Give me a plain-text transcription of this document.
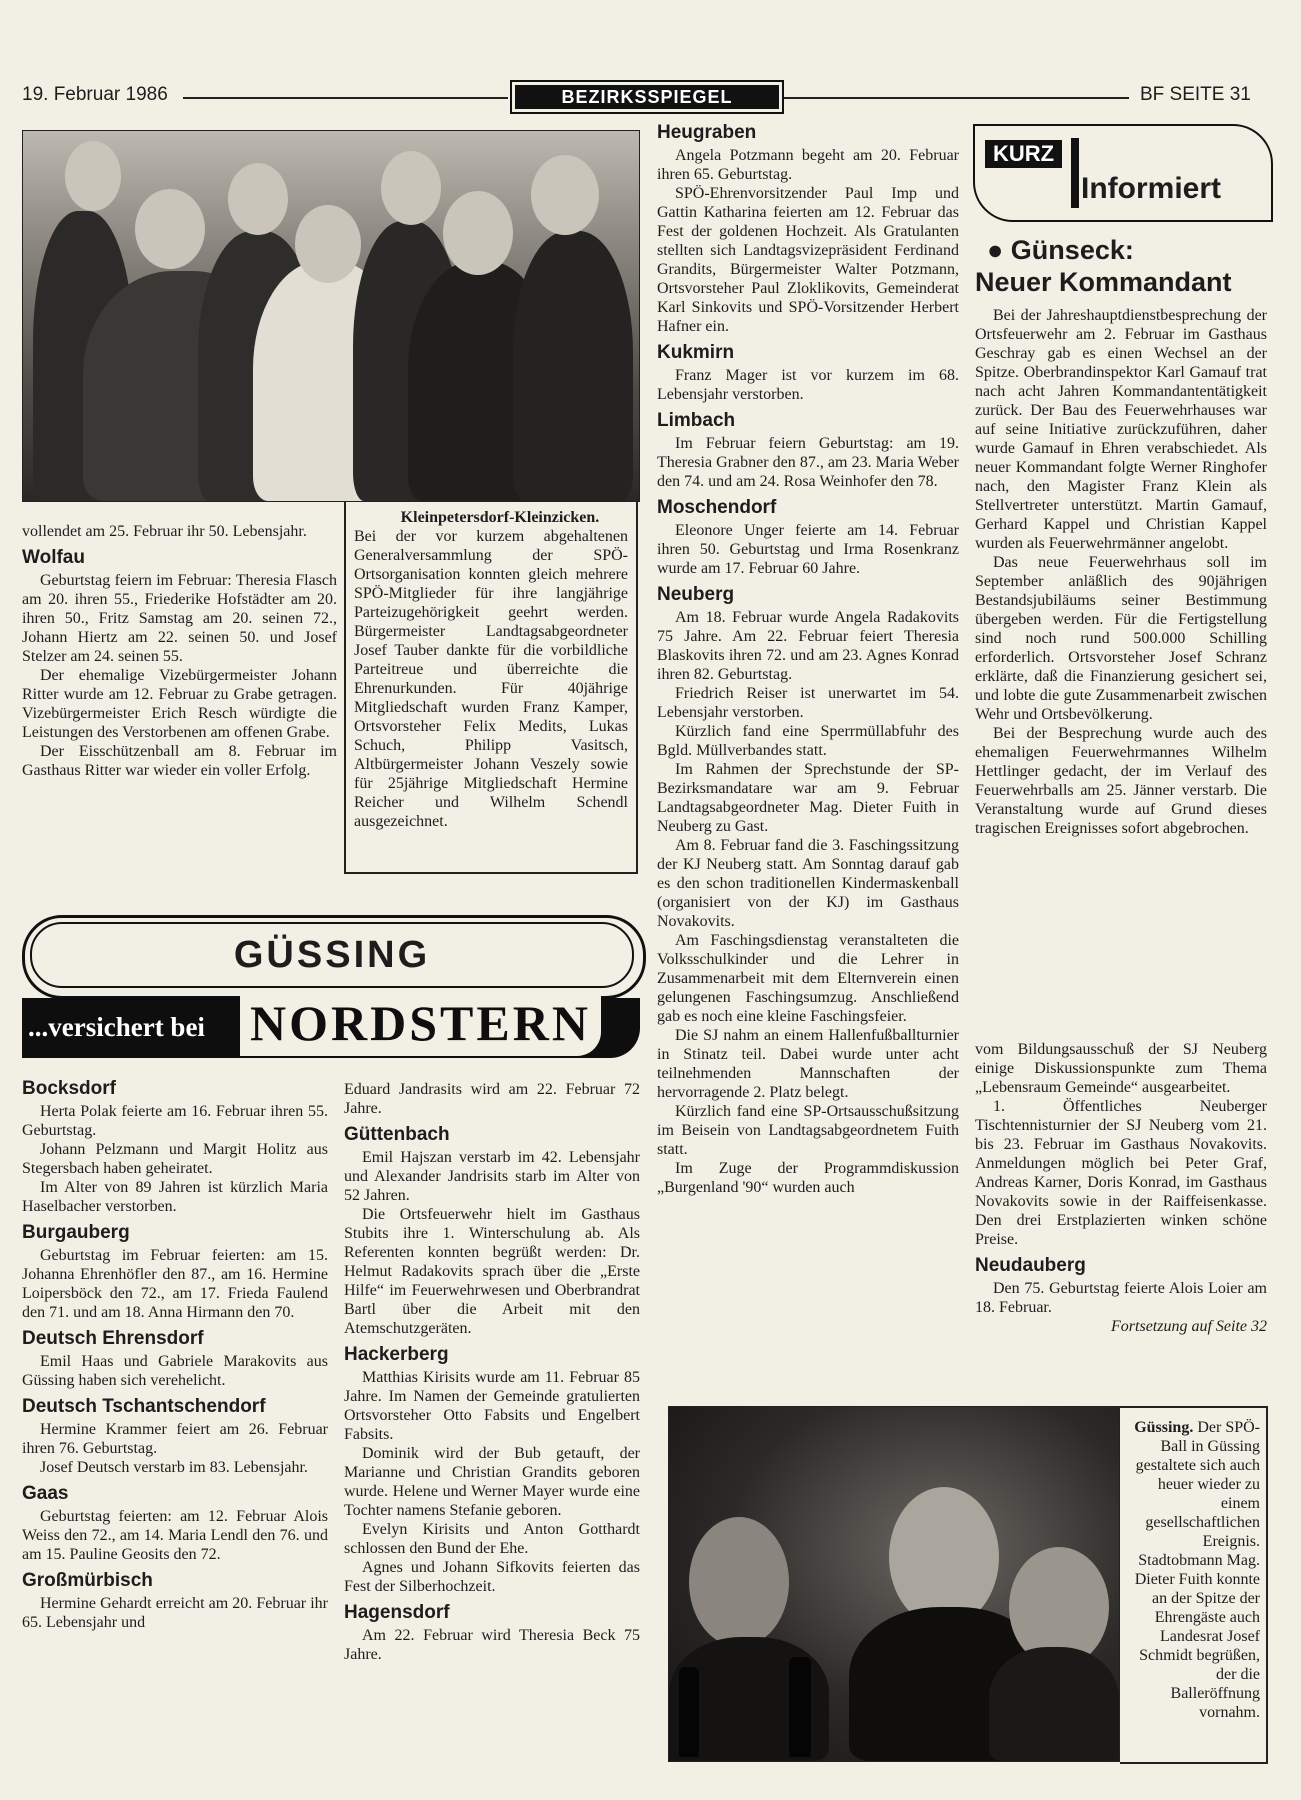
19. Februar 1986	BEZIRKSSPIEGEL	BF SEITE 31

vollendet am 25. Februar ihr 50. Lebensjahr.

Wolfau

Geburtstag feiern im Februar: Theresia Flasch am 20. ihren 55., Friederike Hofstädter am 20. ihren 50., Fritz Samstag am 20. seinen 72., Johann Hiertz am 22. seinen 50. und Josef Stelzer am 24. seinen 55.

Der ehemalige Vizebürgermeister Johann Ritter wurde am 12. Februar zu Grabe getragen. Vizebürgermeister Erich Resch würdigte die Leistungen des Verstorbenen am offenen Grabe.

Der Eisschützenball am 8. Februar im Gasthaus Ritter war wieder ein voller Erfolg.

Kleinpetersdorf-Kleinzicken.

Bei der vor kurzem abgehaltenen Generalversammlung der SPÖ-Ortsorganisation konnten gleich mehrere SPÖ-Mitglieder für ihre langjährige Parteizugehörigkeit geehrt werden. Bürgermeister Landtagsabgeordneter Josef Tauber dankte für die vorbildliche Parteitreue und überreichte die Ehrenurkunden. Für 40jährige Mitgliedschaft wurden Franz Kamper, Ortsvorsteher Felix Medits, Lukas Schuch, Philipp Vasitsch, Altbürgermeister Johann Veszely sowie für 25jährige Mitgliedschaft Hermine Reicher und Wilhelm Schendl ausgezeichnet.

GÜSSING
...versichert bei NORDSTERN
Heugraben

Angela Potzmann begeht am 20. Februar ihren 65. Geburtstag.

SPÖ-Ehrenvorsitzender Paul Imp und Gattin Katharina feierten am 12. Februar das Fest der goldenen Hochzeit. Als Gratulanten stellten sich Landtagsvizepräsident Ferdinand Grandits, Bürgermeister Walter Potzmann, Ortsvorsteher Paul Zloklikovits, Gemeinderat Karl Sinkovits und SPÖ-Vorsitzender Herbert Hafner ein.

Kukmirn

Franz Mager ist vor kurzem im 68. Lebensjahr verstorben.

Limbach

Im Februar feiern Geburtstag: am 19. Theresia Grabner den 87., am 23. Maria Weber den 74. und am 24. Rosa Weinhofer den 78.

Moschendorf

Eleonore Unger feierte am 14. Februar ihren 50. Geburtstag und Irma Rosenkranz wurde am 17. Februar 60 Jahre.

Neuberg

Am 18. Februar wurde Angela Radakovits 75 Jahre. Am 22. Februar feiert Theresia Blaskovits ihren 72. und am 23. Agnes Konrad ihren 82. Geburtstag.

Friedrich Reiser ist unerwartet im 54. Lebensjahr verstorben.

Kürzlich fand eine Sperrmüllabfuhr des Bgld. Müllverbandes statt.

Im Rahmen der Sprechstunde der SP-Bezirksmandatare war am 9. Februar Landtagsabgeordneter Mag. Dieter Fuith in Neuberg zu Gast.

Am 8. Februar fand die 3. Faschingssitzung der KJ Neuberg statt. Am Sonntag darauf gab es den schon traditionellen Kindermaskenball (organisiert von der KJ) im Gasthaus Novakovits.

Am Faschingsdienstag veranstalteten die Volksschulkinder und die Lehrer in Zusammenarbeit mit dem Elternverein einen gelungenen Faschingsumzug. Anschließend gab es noch eine kleine Faschingsfeier.

Die SJ nahm an einem Hallenfußballturnier in Stinatz teil. Dabei wurde unter acht teilnehmenden Mannschaften der hervorragende 2. Platz belegt.

Kürzlich fand eine SP-Ortsausschußsitzung im Beisein von Landtagsabgeordnetem Fuith statt.

Im Zuge der Programmdiskussion „Burgenland '90“ wurden auch

KURZ
Informiert
● Günseck:
Neuer Kommandant

Bei der Jahreshauptdienstbesprechung der Ortsfeuerwehr am 2. Februar im Gasthaus Geschray gab es einen Wechsel an der Spitze. Oberbrandinspektor Karl Gamauf trat nach acht Jahren Kommandantentätigkeit zurück. Der Bau des Feuerwehrhauses war auf seine Initiative zurückzuführen, daher wurde Gamauf in Ehren verabschiedet. Als neuer Kommandant folgte Werner Ringhofer nach, den Magister Franz Klein als Stellvertreter unterstützt. Martin Gamauf, Gerhard Kappel und Christian Kappel wurden als Feuerwehrmänner angelobt.

Das neue Feuerwehrhaus soll im September anläßlich des 90jährigen Bestandsjubiläums seiner Bestimmung übergeben werden. Für die Fertigstellung sind noch rund 500.000 Schilling erforderlich. Ortsvorsteher Josef Schranz erklärte, daß die Finanzierung gesichert sei, und lobte die gute Zusammenarbeit zwischen Wehr und Ortsbevölkerung.

Bei der Besprechung wurde auch des ehemaligen Feuerwehrmannes Wilhelm Hettlinger gedacht, der im Verlauf des Feuerwehrballs am 25. Jänner verstarb. Die Veranstaltung wurde auf Grund dieses tragischen Ereignisses sofort abgebrochen.

vom Bildungsausschuß der SJ Neuberg einige Diskussionspunkte zum Thema „Lebensraum Gemeinde“ ausgearbeitet.

1. Öffentliches Neuberger Tischtennisturnier der SJ Neuberg vom 21. bis 23. Februar im Gasthaus Novakovits. Anmeldungen möglich bei Peter Graf, Andreas Karner, Doris Konrad, im Gasthaus Novakovits sowie in der Raiffeisenkasse. Den drei Erstplazierten winken schöne Preise.

Neudauberg

Den 75. Geburtstag feierte Alois Loier am 18. Februar.

Fortsetzung auf Seite 32

Bocksdorf

Herta Polak feierte am 16. Februar ihren 55. Geburtstag.

Johann Pelzmann und Margit Holitz aus Stegersbach haben geheiratet.

Im Alter von 89 Jahren ist kürzlich Maria Haselbacher verstorben.

Burgauberg

Geburtstag im Februar feierten: am 15. Johanna Ehrenhöfler den 87., am 16. Hermine Loipersböck den 72., am 17. Frieda Faulend den 71. und am 18. Anna Hirmann den 70.

Deutsch Ehrensdorf

Emil Haas und Gabriele Marakovits aus Güssing haben sich verehelicht.

Deutsch Tschantschendorf

Hermine Krammer feiert am 26. Februar ihren 76. Geburtstag.

Josef Deutsch verstarb im 83. Lebensjahr.

Gaas

Geburtstag feierten: am 12. Februar Alois Weiss den 72., am 14. Maria Lendl den 76. und am 15. Pauline Geosits den 72.

Großmürbisch

Hermine Gehardt erreicht am 20. Februar ihr 65. Lebensjahr und

Eduard Jandrasits wird am 22. Februar 72 Jahre.

Güttenbach

Emil Hajszan verstarb im 42. Lebensjahr und Alexander Jandrisits starb im Alter von 52 Jahren.

Die Ortsfeuerwehr hielt im Gasthaus Stubits ihre 1. Winterschulung ab. Als Referenten konnten begrüßt werden: Dr. Helmut Radakovits sprach über die „Erste Hilfe“ im Feuerwehrwesen und Oberbrandrat Bartl über die Arbeit mit den Atemschutzgeräten.

Hackerberg

Matthias Kirisits wurde am 11. Februar 85 Jahre. Im Namen der Gemeinde gratulierten Ortsvorsteher Otto Fabsits und Engelbert Fabsits.

Dominik wird der Bub getauft, der Marianne und Christian Grandits geboren wurde. Helene und Werner Mayer wurde eine Tochter namens Stefanie geboren.

Evelyn Kirisits und Anton Gotthardt schlossen den Bund der Ehe.

Agnes und Johann Sifkovits feierten das Fest der Silberhochzeit.

Hagensdorf

Am 22. Februar wird Theresia Beck 75 Jahre.

Güssing. Der SPÖ-Ball in Güssing gestaltete sich auch heuer wieder zu einem gesellschaftlichen Ereignis. Stadtobmann Mag. Dieter Fuith konnte an der Spitze der Ehrengäste auch Landesrat Josef Schmidt begrüßen, der die Balleröffnung vornahm.
